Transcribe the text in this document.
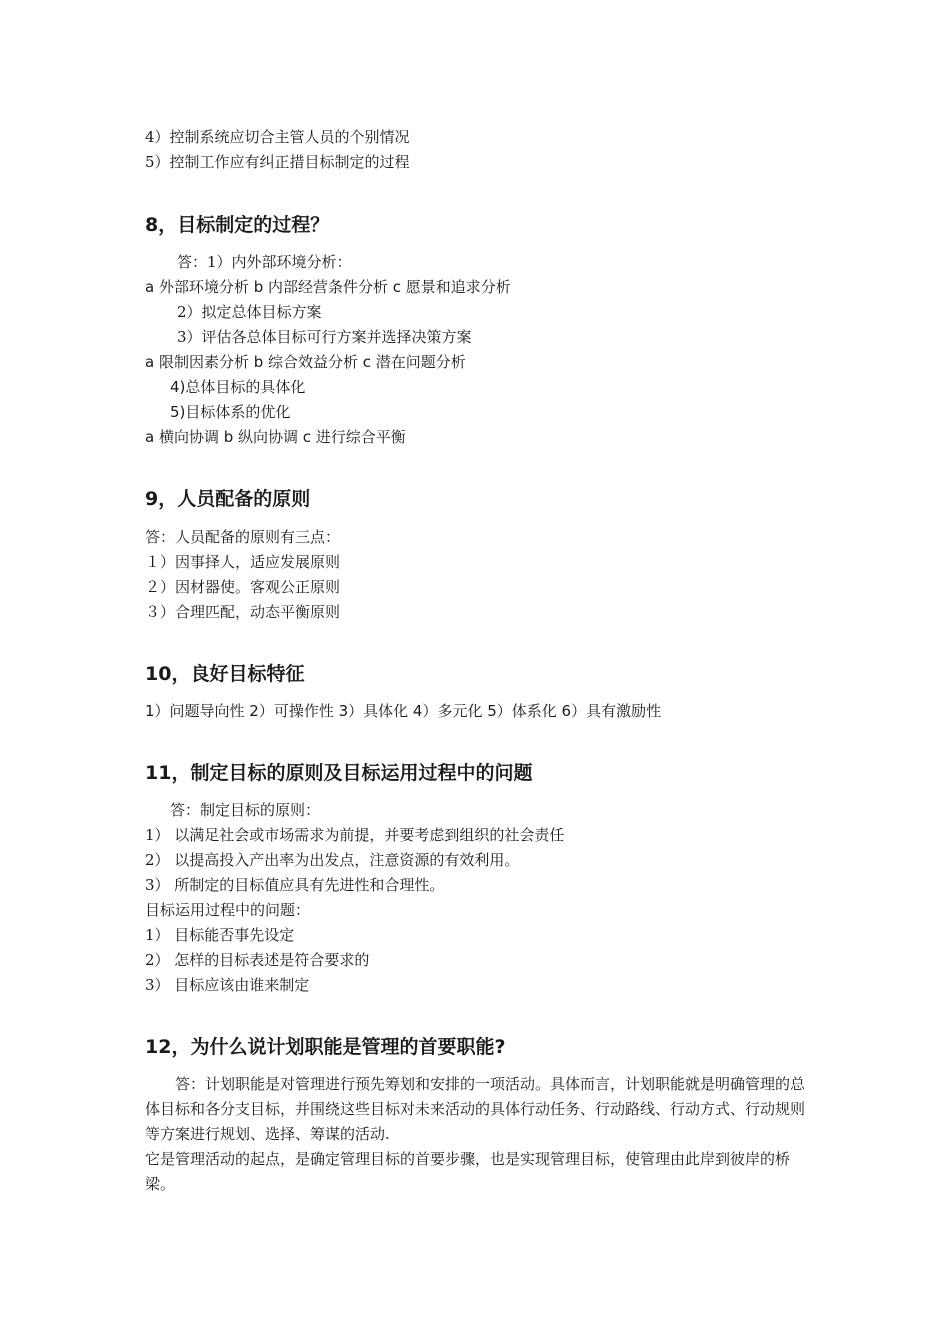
4）控制系统应切合主管人员的个别情况
5）控制工作应有纠正措目标制定的过程
8，目标制定的过程？
答：1）内外部环境分析：
a 外部环境分析 b 内部经营条件分析 c 愿景和追求分析
2）拟定总体目标方案
3）评估各总体目标可行方案并选择决策方案
a 限制因素分析 b 综合效益分析 c 潜在问题分析
4)总体目标的具体化
5)目标体系的优化
a 横向协调 b 纵向协调 c 进行综合平衡
9，人员配备的原则
答：人员配备的原则有三点：
１）因事择人，适应发展原则
２）因材器使。客观公正原则
３）合理匹配，动态平衡原则
10，良好目标特征
1）问题导向性 2）可操作性 3）具体化 4）多元化 5）体系化 6）具有激励性
11，制定目标的原则及目标运用过程中的问题
答：制定目标的原则：
1） 以满足社会或市场需求为前提，并要考虑到组织的社会责任
2） 以提高投入产出率为出发点，注意资源的有效利用。
3） 所制定的目标值应具有先进性和合理性。
目标运用过程中的问题：
1） 目标能否事先设定
2） 怎样的目标表述是符合要求的
3） 目标应该由谁来制定
12，为什么说计划职能是管理的首要职能?

答：计划职能是对管理进行预先筹划和安排的一项活动。具体而言，计划职能就是明确管理的总体目标和各分支目标，并围绕这些目标对未来活动的具体行动任务、行动路线、行动方式、行动规则等方案进行规划、选择、筹谋的活动.

它是管理活动的起点，是确定管理目标的首要步骤，也是实现管理目标，使管理由此岸到彼岸的桥梁。
